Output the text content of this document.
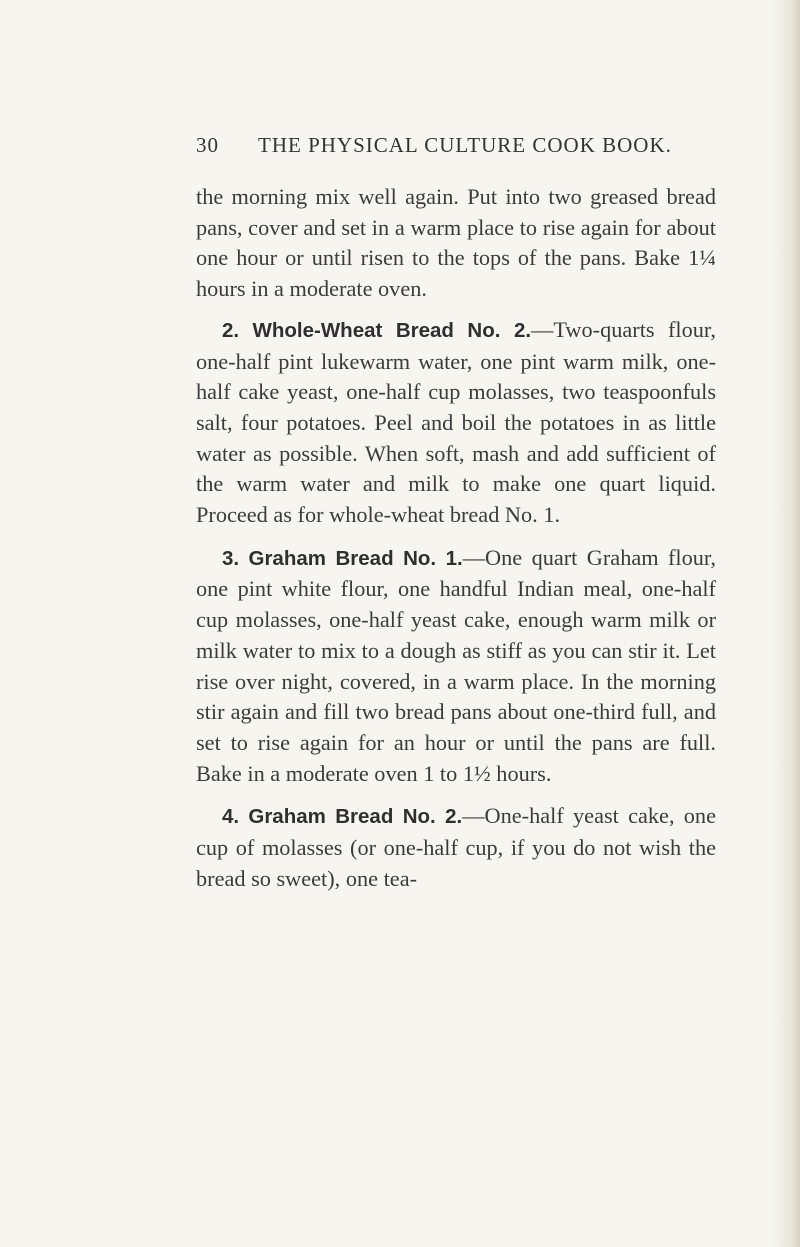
30 THE PHYSICAL CULTURE COOK BOOK.

the morning mix well again. Put into two greased bread pans, cover and set in a warm place to rise again for about one hour or until risen to the tops of the pans. Bake 1¼ hours in a moderate oven.

2. Whole-Wheat Bread No. 2.—Two-quarts flour, one-half pint lukewarm water, one pint warm milk, one-half cake yeast, one-half cup molasses, two teaspoonfuls salt, four potatoes. Peel and boil the potatoes in as little water as possible. When soft, mash and add sufficient of the warm water and milk to make one quart liquid. Proceed as for whole-wheat bread No. 1.

3. Graham Bread No. 1.—One quart Graham flour, one pint white flour, one handful Indian meal, one-half cup molasses, one-half yeast cake, enough warm milk or milk water to mix to a dough as stiff as you can stir it. Let rise over night, covered, in a warm place. In the morning stir again and fill two bread pans about one-third full, and set to rise again for an hour or until the pans are full. Bake in a moderate oven 1 to 1½ hours.

4. Graham Bread No. 2.—One-half yeast cake, one cup of molasses (or one-half cup, if you do not wish the bread so sweet), one tea-
